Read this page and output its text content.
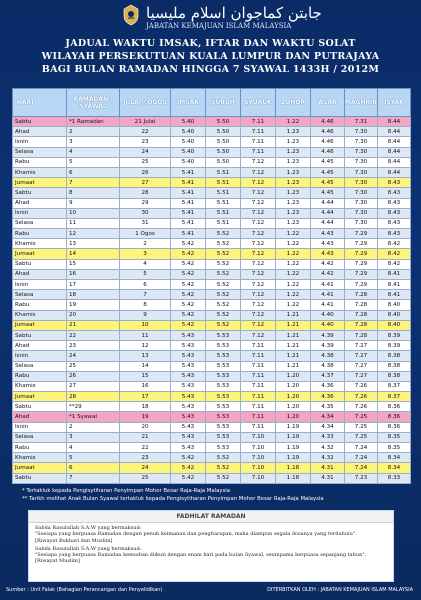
جابتن كماجوان اسلام مليسيا
JABATAN KEMAJUAN ISLAM MALAYSIA
JADUAL WAKTU IMSAK, IFTAR DAN WAKTU SOLAT
WILAYAH PERSEKUTUAN KUALA LUMPUR DAN PUTRAJAYA
BAGI BULAN RAMADAN HINGGA 7 SYAWAL 1433H / 2012M
HARI	RAMADAN / SYAWAL	JULAI / OGOS	IMSAK	SUBUH	SYURUK	ZOHOR	ASAR	MAGHRIB	ISYAK
Sabtu	*1 Ramadan	21 Julai	5.40	5.50	7.11	1.22	4.46	7.31	8.44
Ahad	2	22	5.40	5.50	7.11	1.23	4.46	7.30	8.44
Isnin	3	23	5.40	5.50	7.11	1.23	4.46	7.30	8.44
Selasa	4	24	5.40	5.50	7.11	1.23	4.46	7.30	8.44
Rabu	5	25	5.40	5.50	7.12	1.23	4.45	7.30	8.44
Khamis	6	26	5.41	5.51	7.12	1.23	4.45	7.30	8.44
Jumaat	7	27	5.41	5.51	7.12	1.23	4.45	7.30	8.43
Sabtu	8	28	5.41	5.51	7.12	1.23	4.45	7.30	8.43
Ahad	9	29	5.41	5.51	7.12	1.23	4.44	7.30	8.43
Isnin	10	30	5.41	5.51	7.12	1.23	4.44	7.30	8.43
Selasa	11	31	5.41	5.51	7.12	1.23	4.44	7.30	8.43
Rabu	12	1 Ogos	5.41	5.52	7.12	1.22	4.43	7.29	8.43
Khamis	13	2	5.42	5.52	7.12	1.22	4.43	7.29	8.42
Jumaat	14	3	5.42	5.52	7.12	1.22	4.43	7.29	8.42
Sabtu	15	4	5.42	5.52	7.12	1.22	4.42	7.29	8.42
Ahad	16	5	5.42	5.52	7.12	1.22	4.42	7.29	8.41
Isnin	17	6	5.42	5.52	7.12	1.22	4.41	7.29	8.41
Selasa	18	7	5.42	5.52	7.12	1.22	4.41	7.28	8.41
Rabu	19	8	5.42	5.52	7.12	1.22	4.41	7.28	8.40
Khamis	20	9	5.42	5.52	7.12	1.21	4.40	7.28	8.40
Jumaat	21	10	5.42	5.52	7.12	1.21	4.40	7.28	8.40
Sabtu	22	11	5.43	5.53	7.12	1.21	4.39	7.28	8.39
Ahad	23	12	5.43	5.53	7.11	1.21	4.39	7.27	8.39
Isnin	24	13	5.43	5.53	7.11	1.21	4.38	7.27	8.38
Selasa	25	14	5.43	5.53	7.11	1.21	4.38	7.27	8.38
Rabu	26	15	5.43	5.53	7.11	1.20	4.37	7.27	8.38
Khamis	27	16	5.43	5.53	7.11	1.20	4.36	7.26	8.37
Jumaat	28	17	5.43	5.53	7.11	1.20	4.36	7.26	8.37
Sabtu	**29	18	5.43	5.53	7.11	1.20	4.35	7.26	8.36
Ahad	*1 Syawal	19	5.43	5.53	7.11	1.20	4.34	7.25	8.36
Isnin	2	20	5.43	5.53	7.11	1.19	4.34	7.25	8.36
Selasa	3	21	5.43	5.53	7.10	1.19	4.33	7.25	8.35
Rabu	4	22	5.43	5.53	7.10	1.19	4.32	7.24	8.35
Khamis	5	23	5.42	5.52	7.10	1.19	4.32	7.24	8.34
Jumaat	6	24	5.42	5.52	7.10	1.18	4.31	7.24	8.34
Sabtu	7	25	5.42	5.52	7.10	1.18	4.31	7.23	8.33
* Tertakluk kepada Pengisytiharan Penyimpan Mohor Besar Raja-Raja Malaysia
** Tarikh melihat Anak Bulan Syawal tertakluk kepada Pengisytiharan Penyimpan Mohor Besar Raja-Raja Malaysia
FADHILAT RAMADAN
Sabda Rasulullah S.A.W yang bermaksud:
"Sesiapa yang berpuasa Ramadan dengan penuh keimanan dan pengharapan, maka diampun segala dosanya yang terdahulu".
[Riwayat Bukhari dan Muslim]
Sabda Rasulullah S.A.W yang bermaksud:
"Sesiapa yang berpuasa Ramadan kemudian diikuti dengan enam hari pada bulan Syawal, seumpama berpuasa sepanjang tahun".
[Riwayat Muslim]
Sumber : Unit Falak (Bahagian Perancangan dan Penyelidikan)	DITERBITKAN OLEH : JABATAN KEMAJUAN ISLAM MALAYSIA
